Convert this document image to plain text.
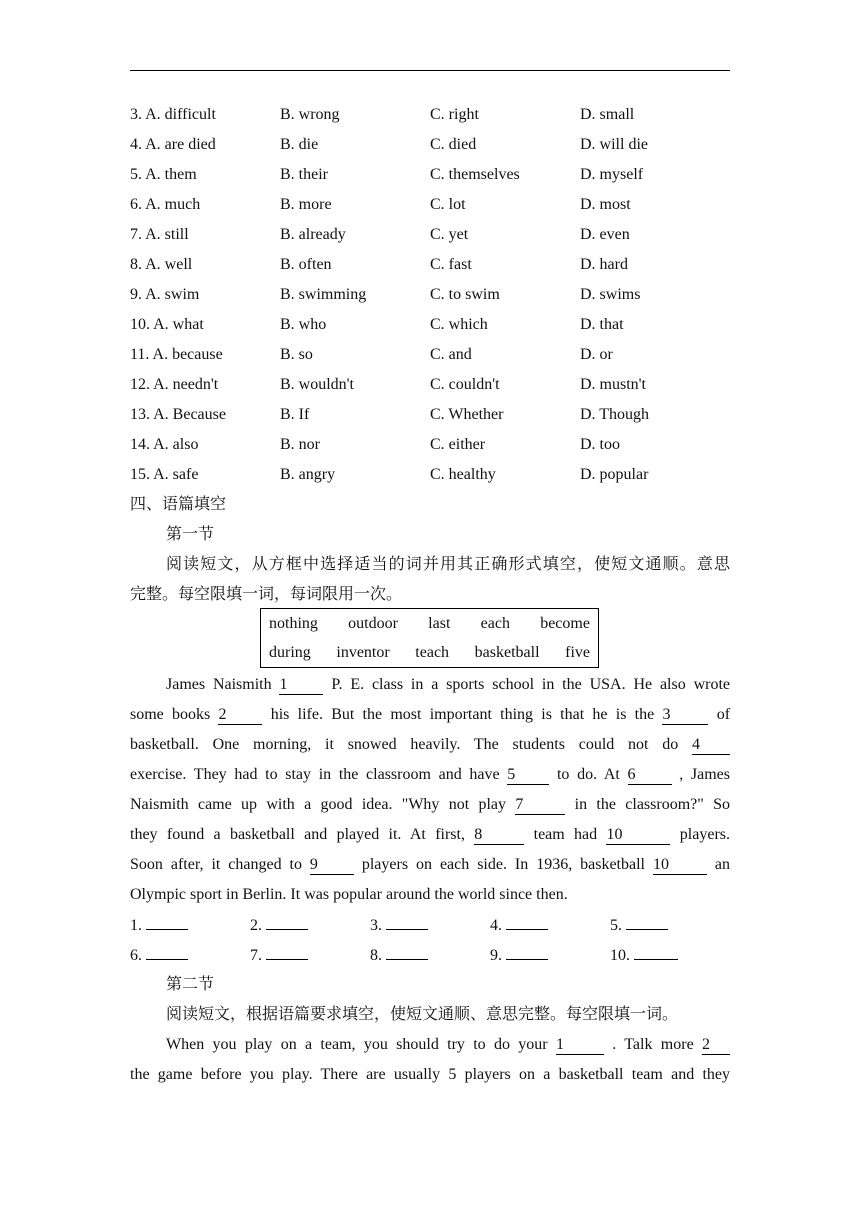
3. A. difficult	B. wrong	C. right	D. small
4. A. are died	B. die	C. died	D. will die
5. A. them	B. their	C. themselves	D. myself
6. A. much	B. more	C. lot	D. most
7. A. still	B. already	C. yet	D. even
8. A. well	B. often	C. fast	D. hard
9. A. swim	B. swimming	C. to swim	D. swims
10. A. what	B. who	C. which	D. that
11. A. because	B. so	C. and	D. or
12. A. needn't	B. wouldn't	C. couldn't	D. mustn't
13. A. Because	B. If	C. Whether	D. Though
14. A. also	B. nor	C. either	D. too
15. A. safe	B. angry	C. healthy	D. popular
四、语篇填空
第一节
阅读短文，从方框中选择适当的词并用其正确形式填空，使短文通顺。意思
完整。每空限填一词，每词限用一次。
nothing outdoor last each become
during inventor teach basketball five
James Naismith 1 P. E. class in a sports school in the USA. He also wrote
some books 2 his life. But the most important thing is that he is the 3 of
basketball. One morning, it snowed heavily. The students could not do 4
exercise. They had to stay in the classroom and have 5 to do. At 6 , James
Naismith came up with a good idea. "Why not play 7	in the classroom?" So
they found a basketball and played it. At first, 8	team had 10	players.
Soon after, it changed to 9 players on each side. In 1936, basketball 10 an
Olympic sport in Berlin. It was popular around the world since then.
1.	2.	3.	4.	5.
6.	7.	8.	9.	10.
第二节
阅读短文，根据语篇要求填空，使短文通顺、意思完整。每空限填一词。
When you play on a team, you should try to do your 1	. Talk more 2
the game before you play. There are usually 5 players on a basketball team and they
